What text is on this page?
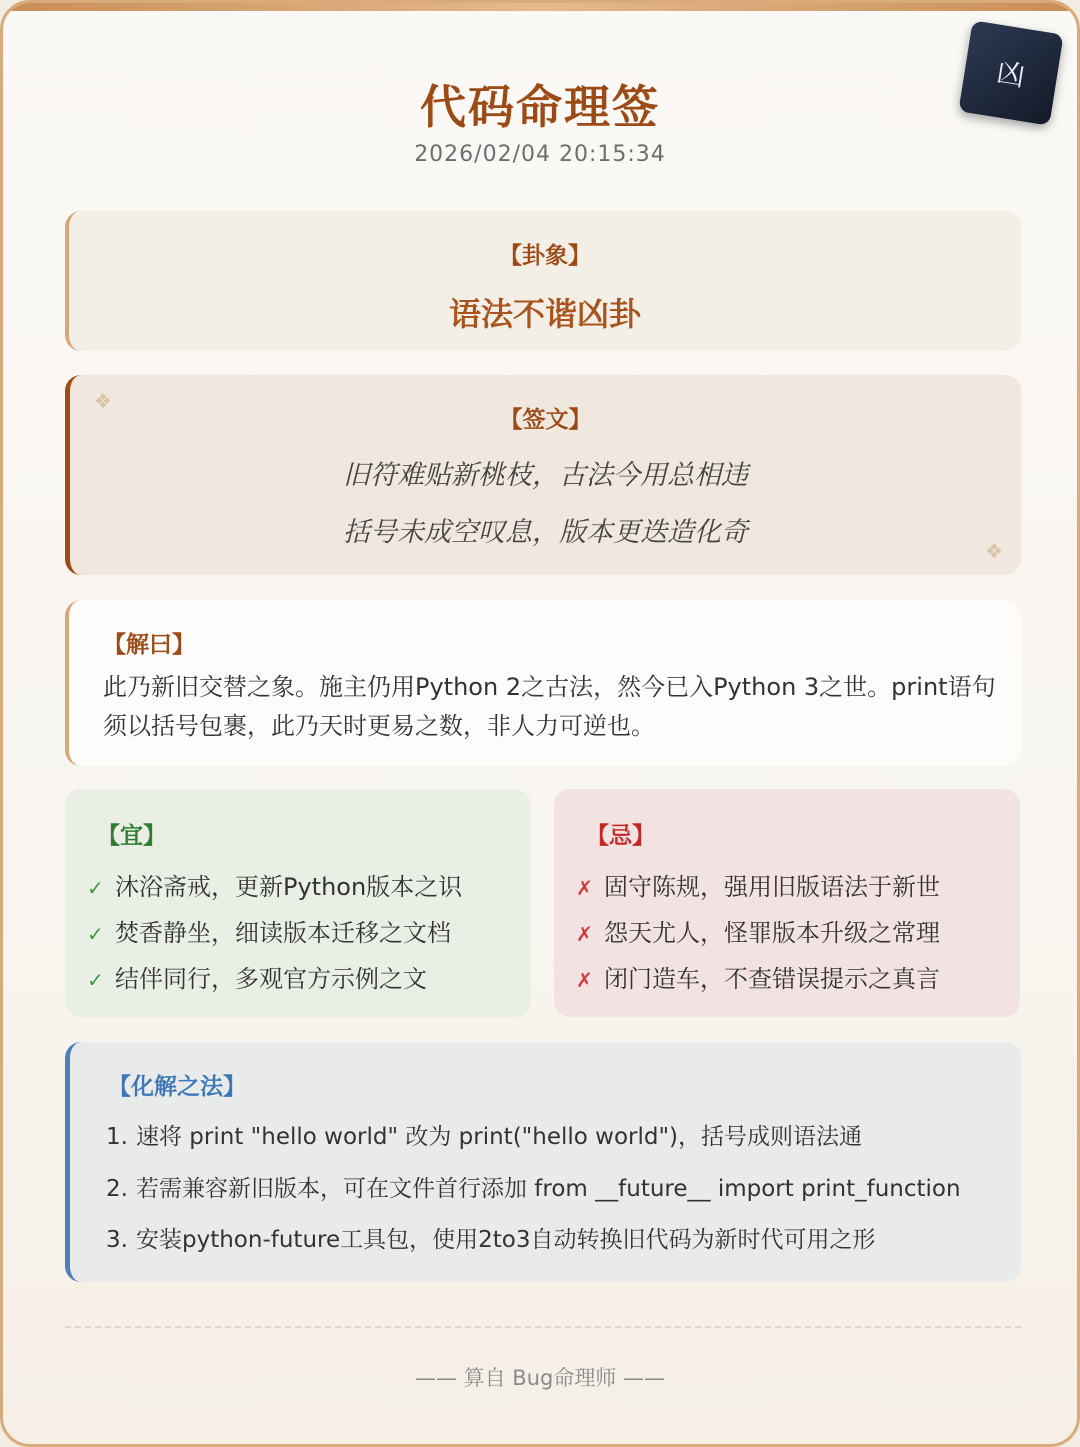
凶
代码命理签
2026/02/04 20:15:34
【卦象】
语法不谐凶卦
❖
【签文】
旧符难贴新桃枝，古法今用总相违
括号未成空叹息，版本更迭造化奇
❖
【解曰】
此乃新旧交替之象。施主仍用Python 2之古法，然今已入Python 3之世。print语句须以括号包裹，此乃天时更易之数，非人力可逆也。
【宜】
✓ 沐浴斋戒，更新Python版本之识
✓ 焚香静坐，细读版本迁移之文档
✓ 结伴同行，多观官方示例之文
【忌】
✗ 固守陈规，强用旧版语法于新世
✗ 怨天尤人，怪罪版本升级之常理
✗ 闭门造车，不查错误提示之真言
【化解之法】
1. 速将 print "hello world" 改为 print("hello world")，括号成则语法通
2. 若需兼容新旧版本，可在文件首行添加 from __future__ import print_function
3. 安装python-future工具包，使用2to3自动转换旧代码为新时代可用之形
—— 算自 Bug命理师 ——
